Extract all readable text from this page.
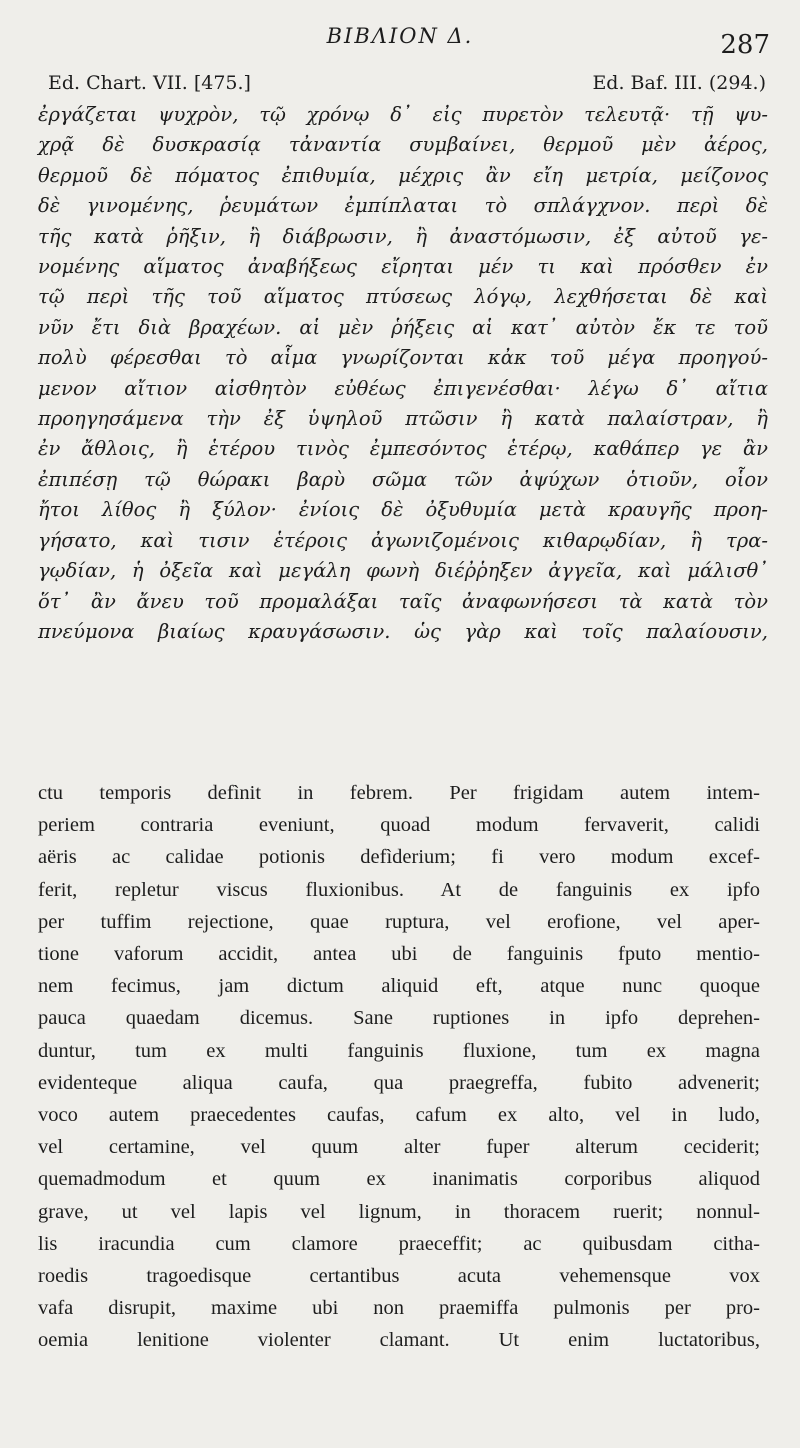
ΒΙΒΛΙΟΝ Δ.	287
Ed. Chart. VII. [475.]	Ed. Baf. III. (294.)
ἐργάζεται ψυχρὸν, τῷ χρόνῳ δ᾽ εἰς πυρετὸν τελευτᾷ· τῇ ψυ-
χρᾷ δὲ δυσκρασίᾳ τἀναντία συμβαίνει, θερμοῦ μὲν ἀέρος,
θερμοῦ δὲ πόματος ἐπιθυμία, μέχρις ἂν εἴη μετρία, μείζονος
δὲ γινομένης, ῥευμάτων ἐμπίπλαται τὸ σπλάγχνον. περὶ δὲ
τῆς κατὰ ῥῆξιν, ἢ διάβρωσιν, ἢ ἀναστόμωσιν, ἐξ αὐτοῦ γε-
νομένης αἵματος ἀναβήξεως εἴρηται μέν τι καὶ πρόσθεν ἐν
τῷ περὶ τῆς τοῦ αἵματος πτύσεως λόγῳ, λεχθήσεται δὲ καὶ
νῦν ἔτι διὰ βραχέων. αἱ μὲν ῥήξεις αἱ κατ᾽ αὐτὸν ἔκ τε τοῦ
πολὺ φέρεσθαι τὸ αἷμα γνωρίζονται κἀκ τοῦ μέγα προηγού-
μενον αἴτιον αἰσθητὸν εὐθέως ἐπιγενέσθαι· λέγω δ᾽ αἴτια
προηγησάμενα τὴν ἐξ ὑψηλοῦ πτῶσιν ἢ κατὰ παλαίστραν, ἢ
ἐν ἄθλοις, ἢ ἑτέρου τινὸς ἐμπεσόντος ἑτέρῳ, καθάπερ γε ἂν
ἐπιπέσῃ τῷ θώρακι βαρὺ σῶμα τῶν ἀψύχων ὁτιοῦν, οἷον
ἤτοι λίθος ἢ ξύλον· ἐνίοις δὲ ὀξυθυμία μετὰ κραυγῆς προη-
γήσατο, καὶ τισιν ἑτέροις ἀγωνιζομένοις κιθαρῳδίαν, ἢ τρα-
γῳδίαν, ἡ ὀξεῖα καὶ μεγάλη φωνὴ διέῤῥηξεν ἀγγεῖα, καὶ μάλισθ᾽
ὅτ᾽ ἂν ἄνευ τοῦ προμαλάξαι ταῖς ἀναφωνήσεσι τὰ κατὰ τὸν
πνεύμονα βιαίως κραυγάσωσιν. ὡς γὰρ καὶ τοῖς παλαίουσιν,
ctu temporis defìnit in febrem. Per frigidam autem intem-
periem contraria eveniunt, quoad modum fervaverit, calidi
aëris ac calidae potionis defìderium; fi vero modum excef-
ferit, repletur viscus fluxionibus. At de fanguinis ex ipfo
per tuffim rejectione, quae ruptura, vel erofione, vel aper-
tione vaforum accidit, antea ubi de fanguinis fputo mentio-
nem fecimus, jam dictum aliquid eft, atque nunc quoque
pauca quaedam dicemus. Sane ruptiones in ipfo deprehen-
duntur, tum ex multi fanguinis fluxione, tum ex magna
evidenteque aliqua caufa, qua praegreffa, fubito advenerit;
voco autem praecedentes caufas, cafum ex alto, vel in ludo,
vel certamine, vel quum alter fuper alterum ceciderit;
quemadmodum et quum ex inanimatis corporibus aliquod
grave, ut vel lapis vel lignum, in thoracem ruerit; nonnul-
lis iracundia cum clamore praeceffit; ac quibusdam citha-
roedis tragoedisque certantibus acuta vehemensque vox
vafa disrupit, maxime ubi non praemiffa pulmonis per pro-
oemia lenitione violenter clamant. Ut enim luctatoribus,
